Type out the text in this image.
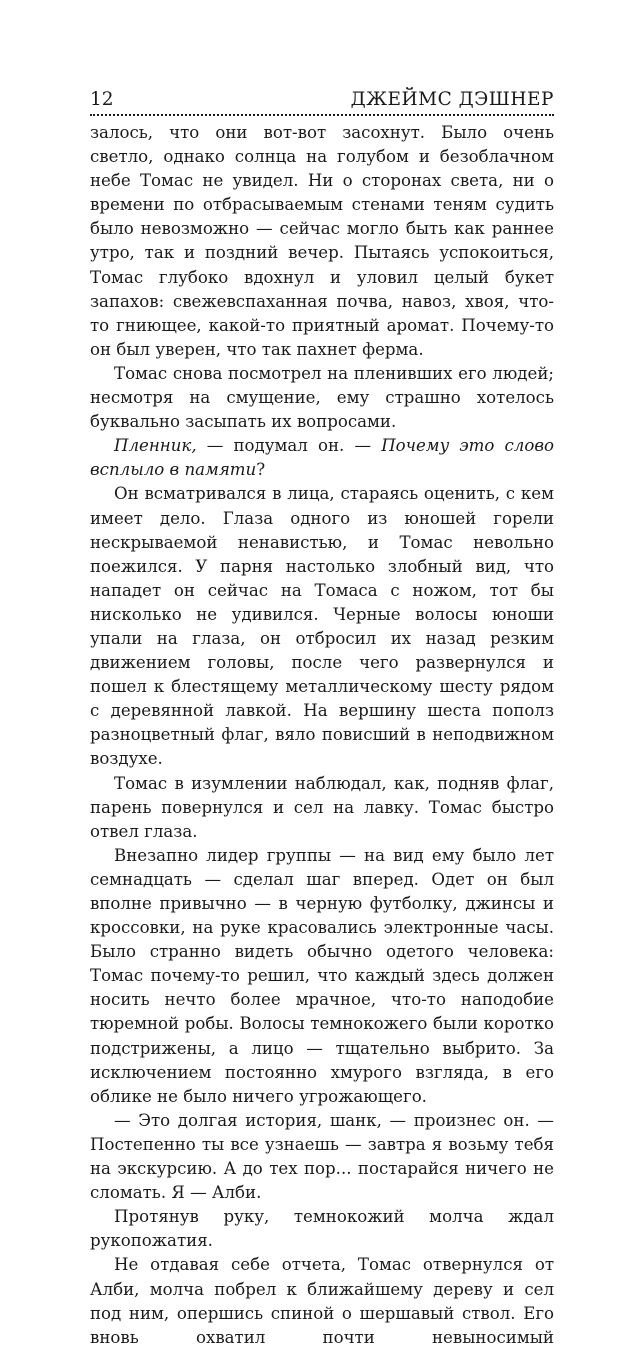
12	ДЖЕЙМС ДЭШНЕР

залось, что они вот-вот засохнут. Было очень светло, однако солнца на голубом и безоблачном небе Томас не увидел. Ни о сторонах света, ни о времени по отбрасываемым стенами теням судить было невозможно — сейчас могло быть как раннее утро, так и поздний вечер. Пытаясь успокоиться, Томас глубоко вдохнул и уловил целый букет запахов: свежевспаханная почва, навоз, хвоя, что-то гниющее, какой-то приятный аромат. Почему-то он был уверен, что так пахнет ферма.

Томас снова посмотрел на пленивших его людей; несмотря на смущение, ему страшно хотелось буквально засыпать их вопросами.

Пленник, — подумал он. — Почему это слово всплыло в памяти?

Он всматривался в лица, стараясь оценить, с кем имеет дело. Глаза одного из юношей горели нескрываемой ненавистью, и Томас невольно поежился. У парня настолько злобный вид, что нападет он сейчас на Томаса с ножом, тот бы нисколько не удивился. Черные волосы юноши упали на глаза, он отбросил их назад резким движением головы, после чего развернулся и пошел к блестящему металлическому шесту рядом с деревянной лавкой. На вершину шеста пополз разноцветный флаг, вяло повисший в неподвижном воздухе.

Томас в изумлении наблюдал, как, подняв флаг, парень повернулся и сел на лавку. Томас быстро отвел глаза.

Внезапно лидер группы — на вид ему было лет семнадцать — сделал шаг вперед. Одет он был вполне привычно — в черную футболку, джинсы и кроссовки, на руке красовались электронные часы. Было странно видеть обычно одетого человека: Томас почему-то решил, что каждый здесь должен носить нечто более мрачное, что-то наподобие тюремной робы. Волосы темнокожего были коротко подстрижены, а лицо — тщательно выбрито. За исключением постоянно хмурого взгляда, в его облике не было ничего угрожающего.

— Это долгая история, шанк, — произнес он. — Постепенно ты все узнаешь — завтра я возьму тебя на экскурсию. А до тех пор... постарайся ничего не сломать. Я — Алби.

Протянув руку, темнокожий молча ждал рукопожатия.

Не отдавая себе отчета, Томас отвернулся от Алби, молча побрел к ближайшему дереву и сел под ним, опершись спиной о шершавый ствол. Его вновь охватил почти невыносимый
